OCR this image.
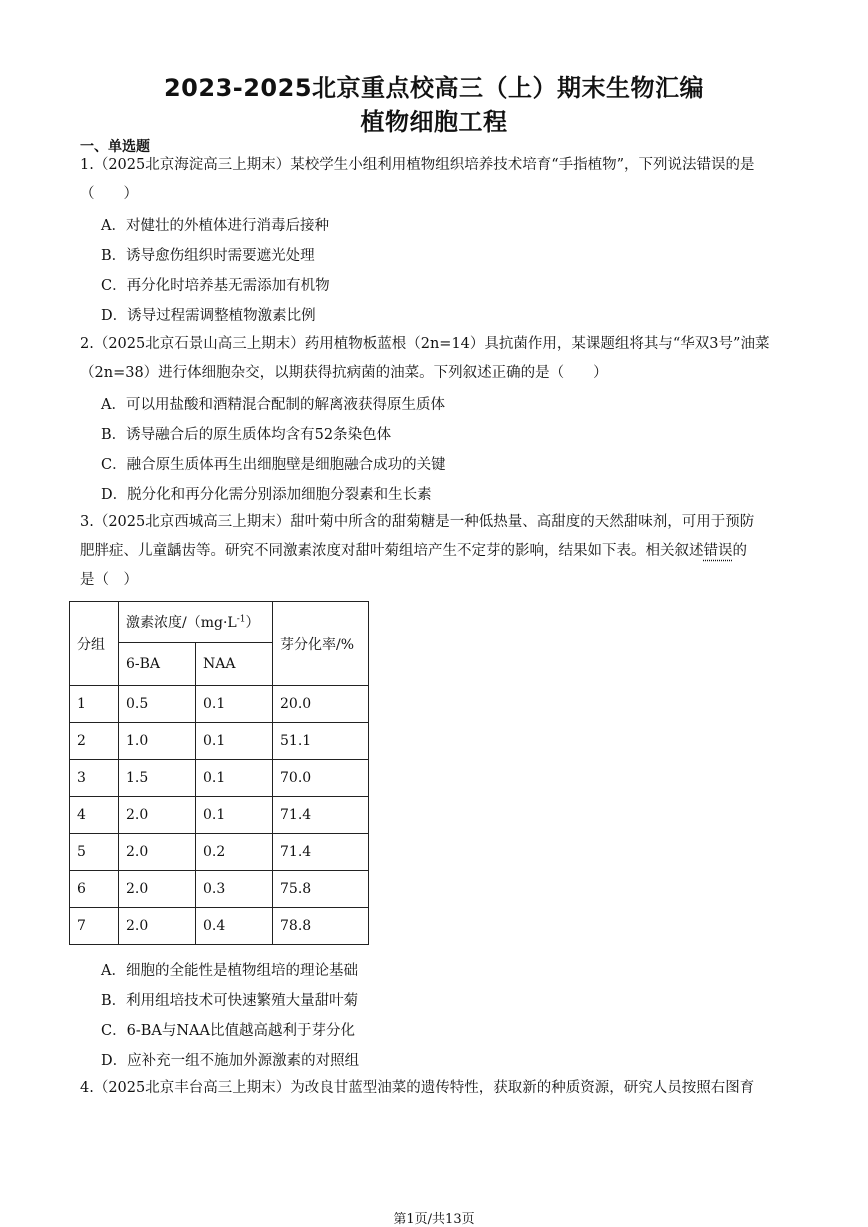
2023-2025北京重点校高三（上）期末生物汇编
植物细胞工程
一、单选题
1.（2025北京海淀高三上期末）某校学生小组利用植物组织培养技术培育“手指植物”，下列说法错误的是
（　　）
A．对健壮的外植体进行消毒后接种
B．诱导愈伤组织时需要遮光处理
C．再分化时培养基无需添加有机物
D．诱导过程需调整植物激素比例
2.（2025北京石景山高三上期末）药用植物板蓝根（2n=14）具抗菌作用，某课题组将其与“华双3号”油菜
（2n=38）进行体细胞杂交，以期获得抗病菌的油菜。下列叙述正确的是（　　）
A．可以用盐酸和酒精混合配制的解离液获得原生质体
B．诱导融合后的原生质体均含有52条染色体
C．融合原生质体再生出细胞壁是细胞融合成功的关键
D．脱分化和再分化需分别添加细胞分裂素和生长素
3.（2025北京西城高三上期末）甜叶菊中所含的甜菊糖是一种低热量、高甜度的天然甜味剂，可用于预防
肥胖症、儿童龋齿等。研究不同激素浓度对甜叶菊组培产生不定芽的影响，结果如下表。相关叙述错误的
是（　）
分组	激素浓度$/(mg\cdot L^{-1})$		芽分化率/%
	6-BA	NAA	
1	0.5	0.1	20.0
2	1.0	0.1	51.1
3	1.5	0.1	70.0
4	2.0	0.1	71.4
5	2.0	0.2	71.4
6	2.0	0.3	75.8
7	2.0	0.4	78.8
A．细胞的全能性是植物组培的理论基础
B．利用组培技术可快速繁殖大量甜叶菊
C．6-BA与NAA比值越高越利于芽分化
D．应补充一组不施加外源激素的对照组
4.（2025北京丰台高三上期末）为改良甘蓝型油菜的遗传特性，获取新的种质资源，研究人员按照右图育
第1页/共13页
